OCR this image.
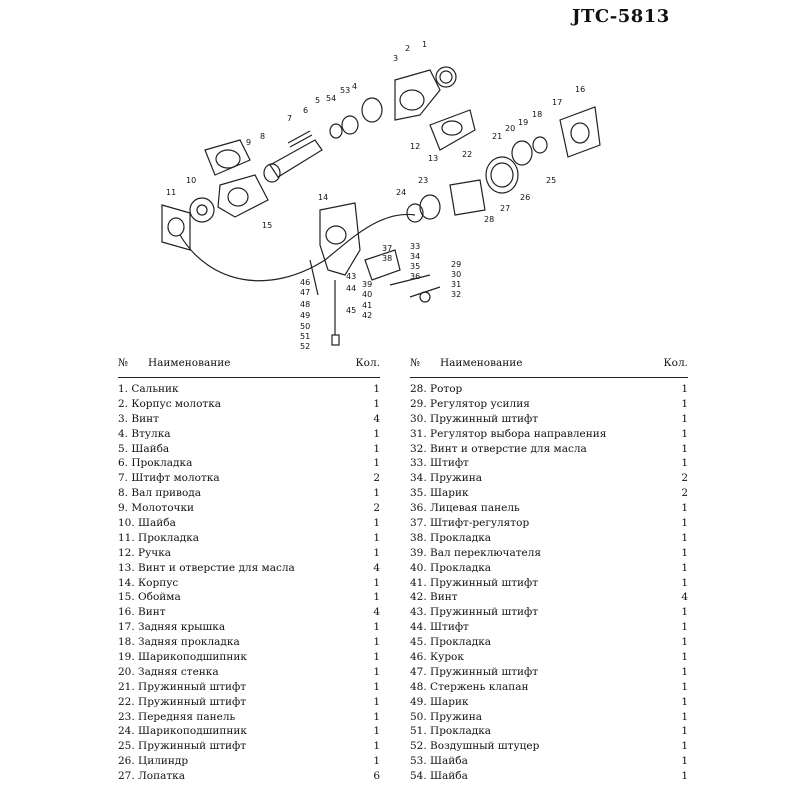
JTC-5813
1
2
3
4
5
6
7
8
9
10
11
12
13
14
15
16
17
18
19
20
21
22
23
24
25
26
27
28
29
30
31
32
33
34
35
36
37
38
39
40
41
42
43
44
45
46
47
48
49
50
51
52
53
54
№ Наименование	Кол.
1. Сальник	1
2. Корпус молотка	1
3. Винт	4
4. Втулка	1
5. Шайба	1
6. Прокладка	1
7. Штифт молотка	2
8. Вал привода	1
9. Молоточки	2
10. Шайба	1
11. Прокладка	1
12. Ручка	1
13. Винт и отверстие для масла	4
14. Корпус	1
15. Обойма	1
16. Винт	4
17. Задняя крышка	1
18. Задняя прокладка	1
19. Шарикоподшипник	1
20. Задняя стенка	1
21. Пружинный штифт	1
22. Пружинный штифт	1
23. Передняя панель	1
24. Шарикоподшипник	1
25. Пружинный штифт	1
26. Цилиндр	1
27. Лопатка	6
№ Наименование	Кол.
28. Ротор	1
29. Регулятор усилия	1
30. Пружинный штифт	1
31. Регулятор выбора направления	1
32. Винт и отверстие для масла	1
33. Штифт	1
34. Пружина	2
35. Шарик	2
36. Лицевая панель	1
37. Штифт-регулятор	1
38. Прокладка	1
39. Вал переключателя	1
40. Прокладка	1
41. Пружинный штифт	1
42. Винт	4
43. Пружинный штифт	1
44. Штифт	1
45. Прокладка	1
46. Курок	1
47. Пружинный штифт	1
48. Стержень клапан	1
49. Шарик	1
50. Пружина	1
51. Прокладка	1
52. Воздушный штуцер	1
53. Шайба	1
54. Шайба	1
